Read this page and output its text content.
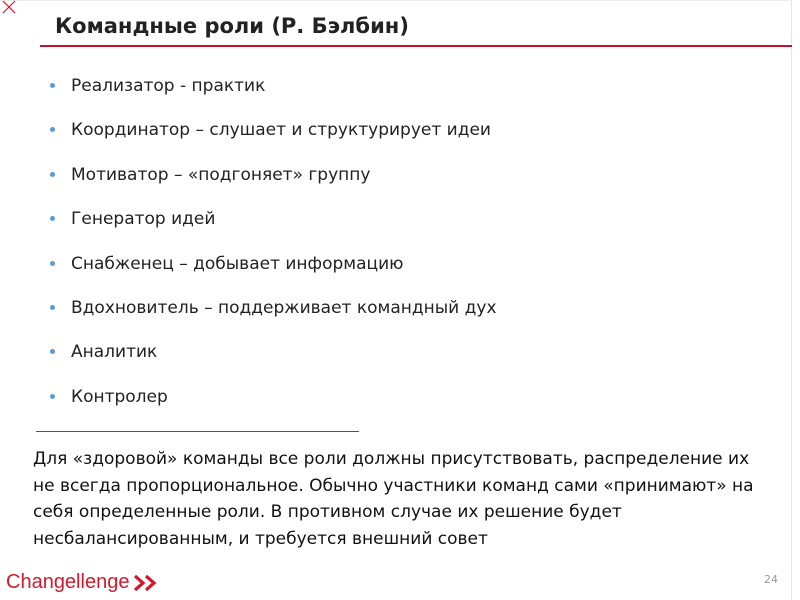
Командные роли (Р. Бэлбин)
Реализатор - практик
Координатор – слушает и структурирует идеи
Мотиватор – «подгоняет» группу
Генератор идей
Снабженец – добывает информацию
Вдохновитель – поддерживает командный дух
Аналитик
Контролер

Для «здоровой» команды все роли должны присутствовать, распределение их не всегда пропорциональное. Обычно участники команд сами «принимают» на себя определенные роли. В противном случае их решение будет несбалансированным, и требуется внешний совет

Changellenge	24
